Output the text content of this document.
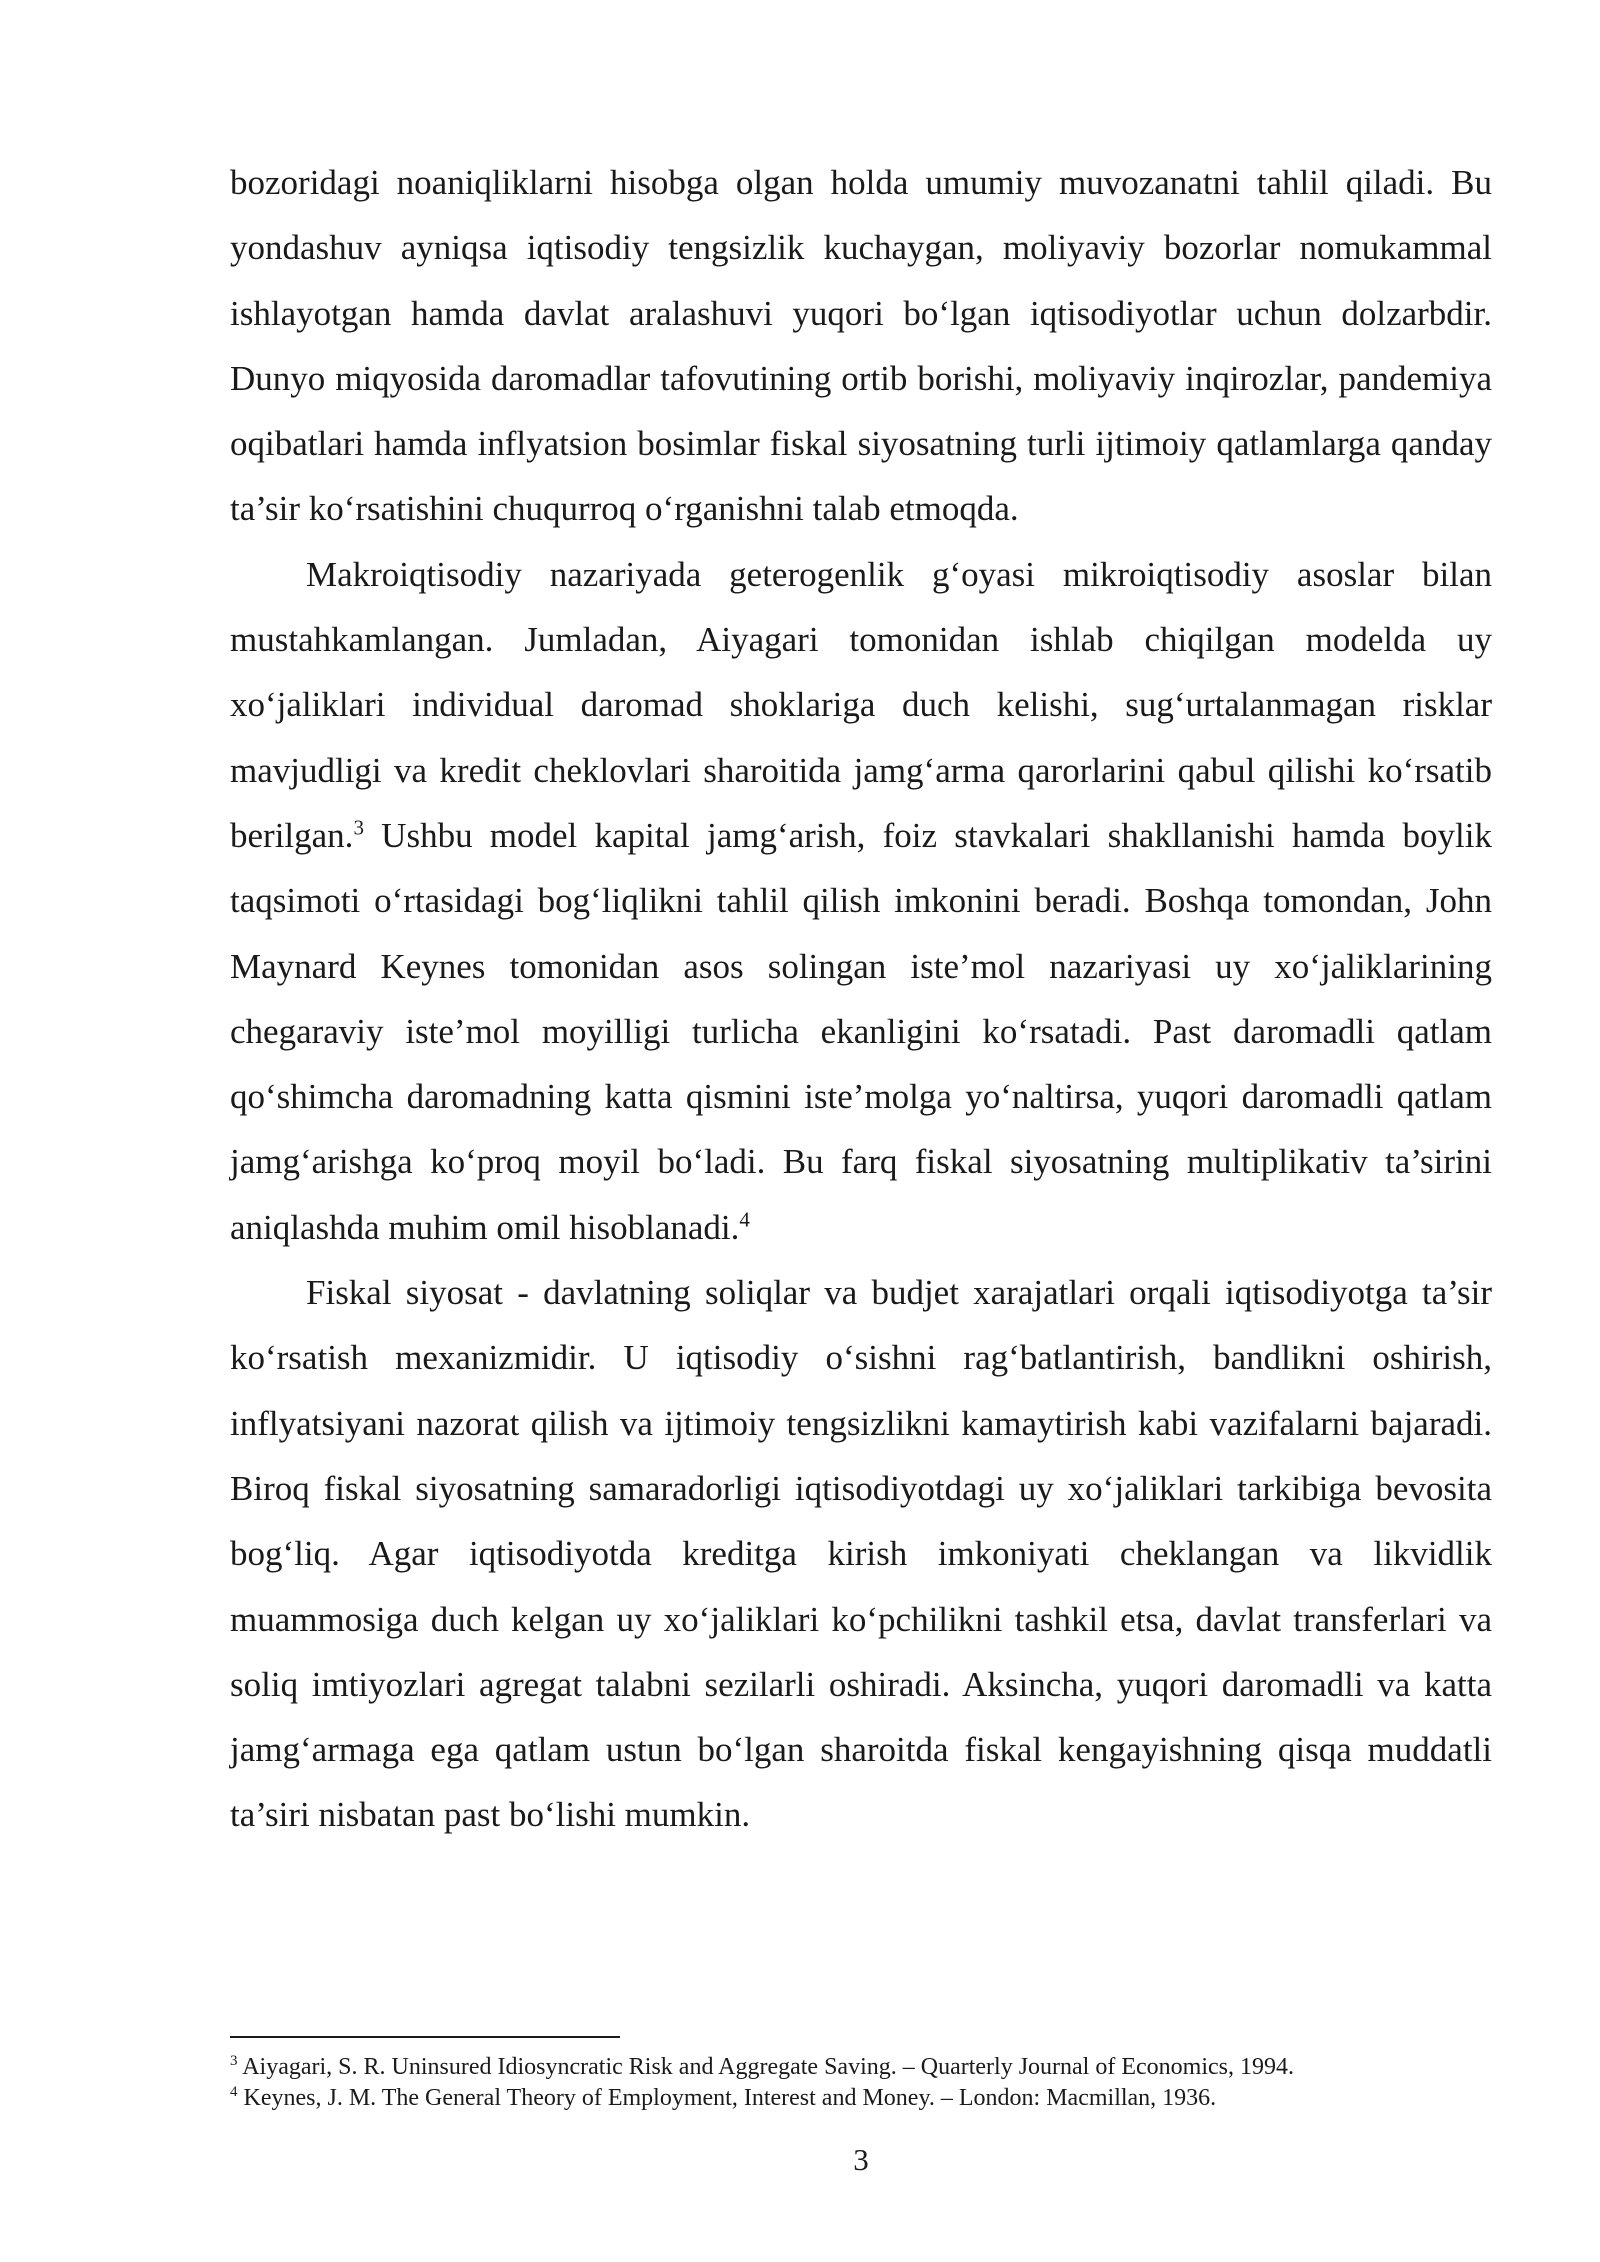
bozoridagi noaniqliklarni hisobga olgan holda umumiy muvozanatni tahlil qiladi. Bu yondashuv ayniqsa iqtisodiy tengsizlik kuchaygan, moliyaviy bozorlar nomukammal ishlayotgan hamda davlat aralashuvi yuqori bo‘lgan iqtisodiyotlar uchun dolzarbdir. Dunyo miqyosida daromadlar tafovutining ortib borishi, moliyaviy inqirozlar, pandemiya oqibatlari hamda inflyatsion bosimlar fiskal siyosatning turli ijtimoiy qatlamlarga qanday ta’sir ko‘rsatishini chuqurroq o‘rganishni talab etmoqda.

Makroiqtisodiy nazariyada geterogenlik g‘oyasi mikroiqtisodiy asoslar bilan mustahkamlangan. Jumladan, Aiyagari tomonidan ishlab chiqilgan modelda uy xo‘jaliklari individual daromad shoklariga duch kelishi, sug‘urtalanmagan risklar mavjudligi va kredit cheklovlari sharoitida jamg‘arma qarorlarini qabul qilishi ko‘rsatib berilgan.$^3$ Ushbu model kapital jamg‘arish, foiz stavkalari shakllanishi hamda boylik taqsimoti o‘rtasidagi bog‘liqlikni tahlil qilish imkonini beradi. Boshqa tomondan, John Maynard Keynes tomonidan asos solingan iste’mol nazariyasi uy xo‘jaliklarining chegaraviy iste’mol moyilligi turlicha ekanligini ko‘rsatadi. Past daromadli qatlam qo‘shimcha daromadning katta qismini iste’molga yo‘naltirsa, yuqori daromadli qatlam jamg‘arishga ko‘proq moyil bo‘ladi. Bu farq fiskal siyosatning multiplikativ ta’sirini aniqlashda muhim omil hisoblanadi.$^4$

Fiskal siyosat - davlatning soliqlar va budjet xarajatlari orqali iqtisodiyotga ta’sir ko‘rsatish mexanizmidir. U iqtisodiy o‘sishni rag‘batlantirish, bandlikni oshirish, inflyatsiyani nazorat qilish va ijtimoiy tengsizlikni kamaytirish kabi vazifalarni bajaradi. Biroq fiskal siyosatning samaradorligi iqtisodiyotdagi uy xo‘jaliklari tarkibiga bevosita bog‘liq. Agar iqtisodiyotda kreditga kirish imkoniyati cheklangan va likvidlik muammosiga duch kelgan uy xo‘jaliklari ko‘pchilikni tashkil etsa, davlat transferlari va soliq imtiyozlari agregat talabni sezilarli oshiradi. Aksincha, yuqori daromadli va katta jamg‘armaga ega qatlam ustun bo‘lgan sharoitda fiskal kengayishning qisqa muddatli ta’siri nisbatan past bo‘lishi mumkin.

$^3$ Aiyagari, S. R. Uninsured Idiosyncratic Risk and Aggregate Saving. – Quarterly Journal of Economics, 1994.
$^4$ Keynes, J. M. The General Theory of Employment, Interest and Money. – London: Macmillan, 1936.
3
